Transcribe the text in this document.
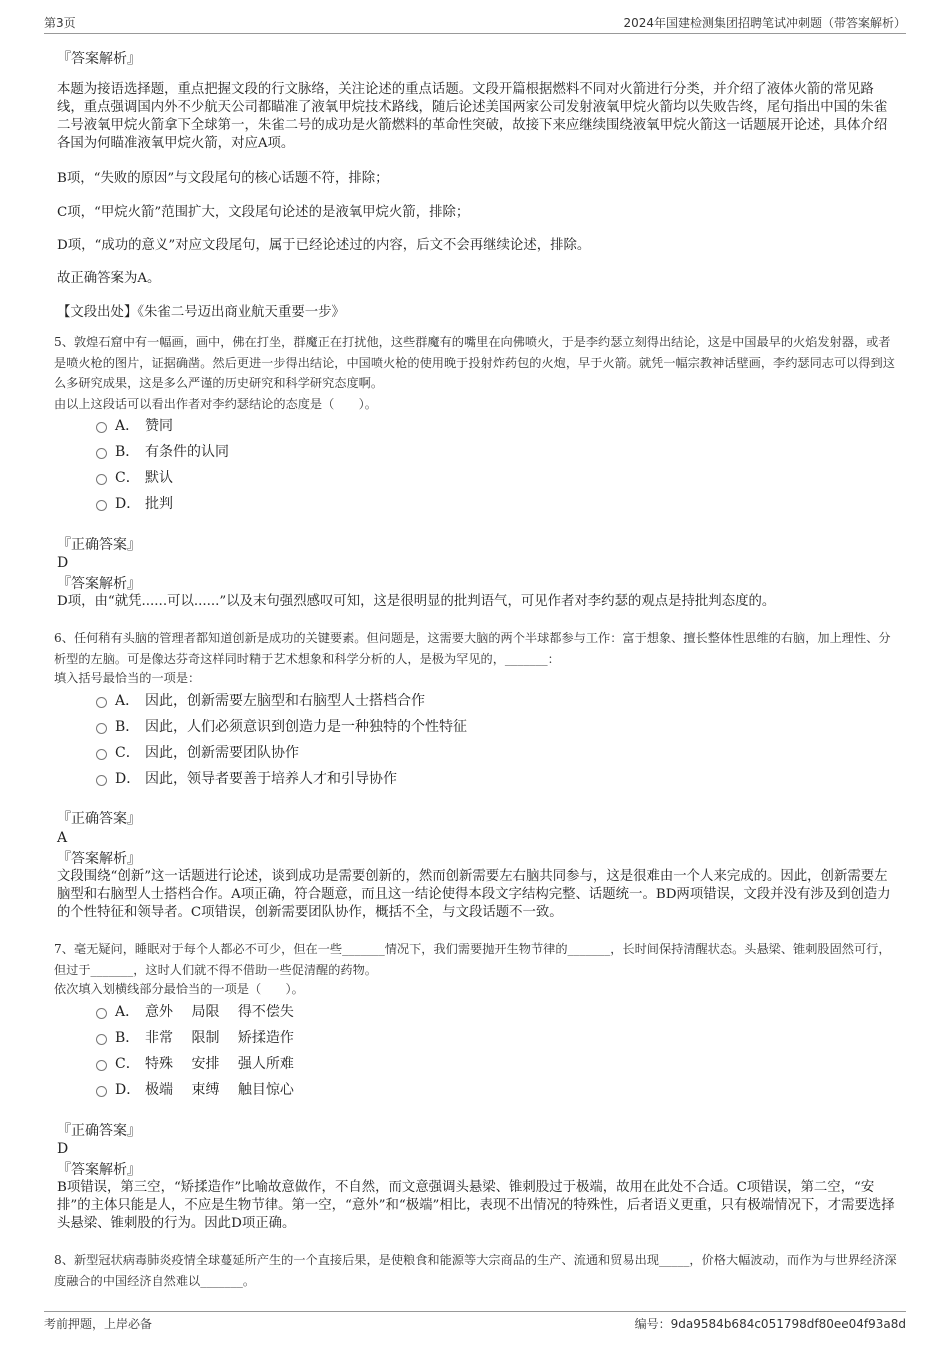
第3页	2024年国建检测集团招聘笔试冲刺题（带答案解析）
『答案解析』
本题为接语选择题，重点把握文段的行文脉络，关注论述的重点话题。文段开篇根据燃料不同对火箭进行分类，并介绍了液体火箭的常见路线，重点强调国内外不少航天公司都瞄准了液氧甲烷技术路线，随后论述美国两家公司发射液氧甲烷火箭均以失败告终，尾句指出中国的朱雀二号液氧甲烷火箭拿下全球第一，朱雀二号的成功是火箭燃料的革命性突破，故接下来应继续围绕液氧甲烷火箭这一话题展开论述，具体介绍各国为何瞄准液氧甲烷火箭，对应A项。
B项，“失败的原因”与文段尾句的核心话题不符，排除；
C项，“甲烷火箭”范围扩大，文段尾句论述的是液氧甲烷火箭，排除；
D项，“成功的意义”对应文段尾句，属于已经论述过的内容，后文不会再继续论述，排除。
故正确答案为A。
【文段出处】《朱雀二号迈出商业航天重要一步》
5、敦煌石窟中有一幅画，画中，佛在打坐，群魔正在打扰他，这些群魔有的嘴里在向佛喷火，于是李约瑟立刻得出结论，这是中国最早的火焰发射器，或者是喷火枪的图片，证据确凿。然后更进一步得出结论，中国喷火枪的使用晚于投射炸药包的火炮，早于火箭。就凭一幅宗教神话壁画，李约瑟同志可以得到这么多研究成果，这是多么严谨的历史研究和科学研究态度啊。
由以上这段话可以看出作者对李约瑟结论的态度是（　　）。
A． 赞同
B． 有条件的认同
C． 默认
D． 批判
『正确答案』
D
『答案解析』
D项，由“就凭......可以......”以及末句强烈感叹可知，这是很明显的批判语气，可见作者对李约瑟的观点是持批判态度的。
6、任何稍有头脑的管理者都知道创新是成功的关键要素。但问题是，这需要大脑的两个半球都参与工作：富于想象、擅长整体性思维的右脑，加上理性、分析型的左脑。可是像达芬奇这样同时精于艺术想象和科学分析的人，是极为罕见的，_______：
填入括号最恰当的一项是：
A． 因此，创新需要左脑型和右脑型人士搭档合作
B． 因此，人们必须意识到创造力是一种独特的个性特征
C． 因此，创新需要团队协作
D． 因此，领导者要善于培养人才和引导协作
『正确答案』
A
『答案解析』
文段围绕“创新”这一话题进行论述，谈到成功是需要创新的，然而创新需要左右脑共同参与，这是很难由一个人来完成的。因此，创新需要左脑型和右脑型人士搭档合作。A项正确，符合题意，而且这一结论使得本段文字结构完整、话题统一。BD两项错误，文段并没有涉及到创造力的个性特征和领导者。C项错误，创新需要团队协作，概括不全，与文段话题不一致。
7、毫无疑问，睡眠对于每个人都必不可少，但在一些_______情况下，我们需要抛开生物节律的_______，长时间保持清醒状态。头悬梁、锥刺股固然可行，但过于_______，这时人们就不得不借助一些促清醒的药物。
依次填入划横线部分最恰当的一项是（　　）。
A． 意外　 局限　 得不偿失
B． 非常　 限制　 矫揉造作
C． 特殊　 安排　 强人所难
D． 极端　 束缚　 触目惊心
『正确答案』
D
『答案解析』
B项错误，第三空，“矫揉造作”比喻故意做作，不自然，而文意强调头悬梁、锥刺股过于极端，故用在此处不合适。C项错误，第二空，“安排”的主体只能是人，不应是生物节律。第一空，“意外”和“极端”相比，表现不出情况的特殊性，后者语义更重，只有极端情况下，才需要选择头悬梁、锥刺股的行为。因此D项正确。
8、新型冠状病毒肺炎疫情全球蔓延所产生的一个直接后果，是使粮食和能源等大宗商品的生产、流通和贸易出现_____，价格大幅波动，而作为与世界经济深度融合的中国经济自然难以_______。
考前押题，上岸必备	编号：9da9584b684c051798df80ee04f93a8d
